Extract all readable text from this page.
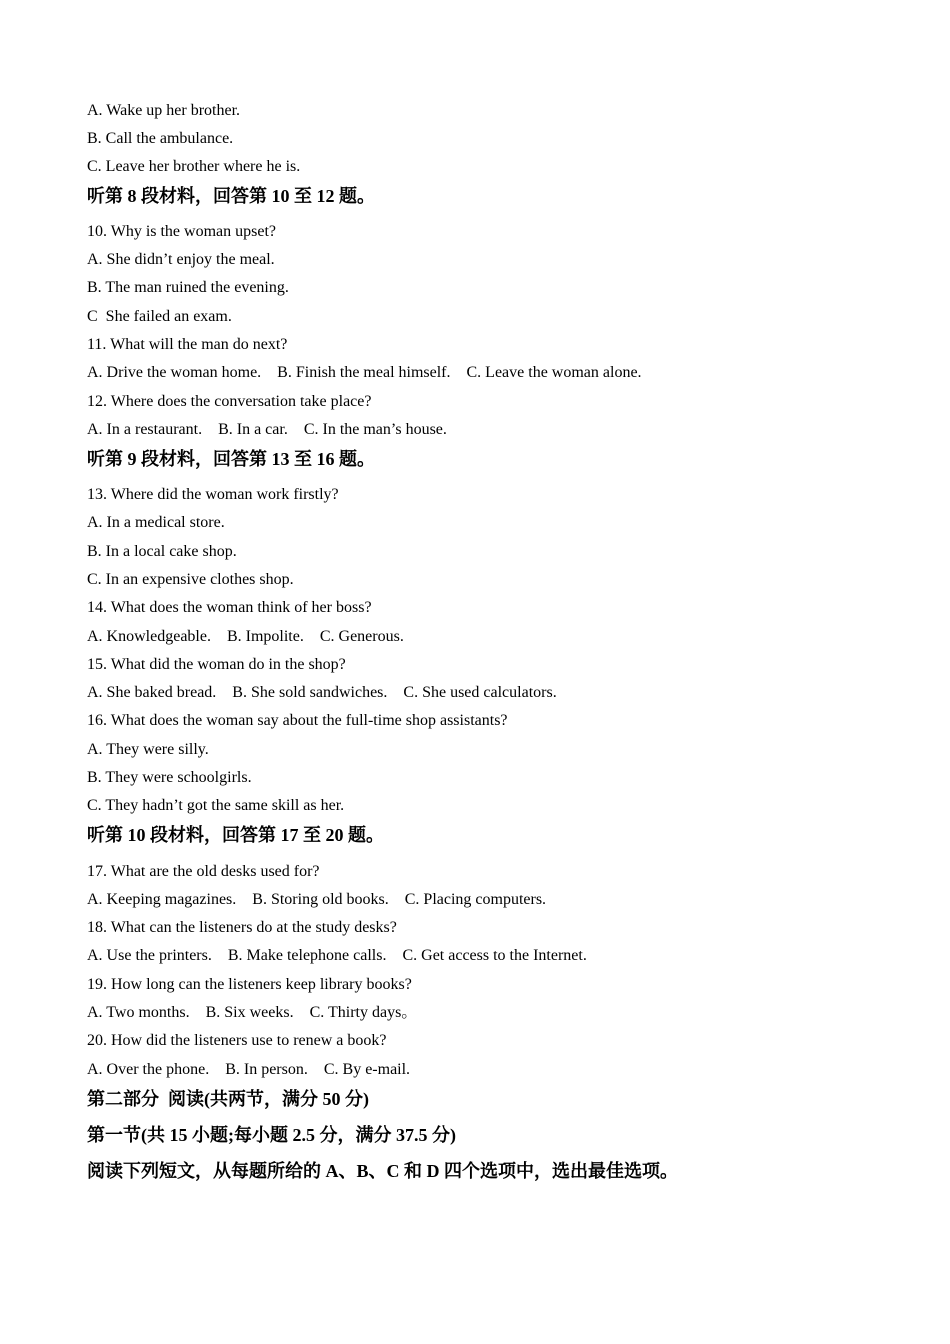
A. Wake up her brother.
B. Call the ambulance.
C. Leave her brother where he is.
听第 8 段材料，回答第 10 至 12 题。
10. Why is the woman upset?
A. She didn’t enjoy the meal.
B. The man ruined the evening.
C  She failed an exam.
11. What will the man do next?
A. Drive the woman home.    B. Finish the meal himself.    C. Leave the woman alone.
12. Where does the conversation take place?
A. In a restaurant.    B. In a car.    C. In the man’s house.
听第 9 段材料，回答第 13 至 16 题。
13. Where did the woman work firstly?
A. In a medical store.
B. In a local cake shop.
C. In an expensive clothes shop.
14. What does the woman think of her boss?
A. Knowledgeable.    B. Impolite.    C. Generous.
15. What did the woman do in the shop?
A. She baked bread.    B. She sold sandwiches.    C. She used calculators.
16. What does the woman say about the full-time shop assistants?
A. They were silly.
B. They were schoolgirls.
C. They hadn’t got the same skill as her.
听第 10 段材料，回答第 17 至 20 题。
17. What are the old desks used for?
A. Keeping magazines.    B. Storing old books.    C. Placing computers.
18. What can the listeners do at the study desks?
A. Use the printers.    B. Make telephone calls.    C. Get access to the Internet.
19. How long can the listeners keep library books?
A. Two months.    B. Six weeks.    C. Thirty days。
20. How did the listeners use to renew a book?
A. Over the phone.    B. In person.    C. By e-mail.
第二部分  阅读(共两节，满分 50 分)
第一节(共 15 小题;每小题 2.5 分，满分 37.5 分)
阅读下列短文，从每题所给的 A、B、C 和 D 四个选项中，选出最佳选项。
